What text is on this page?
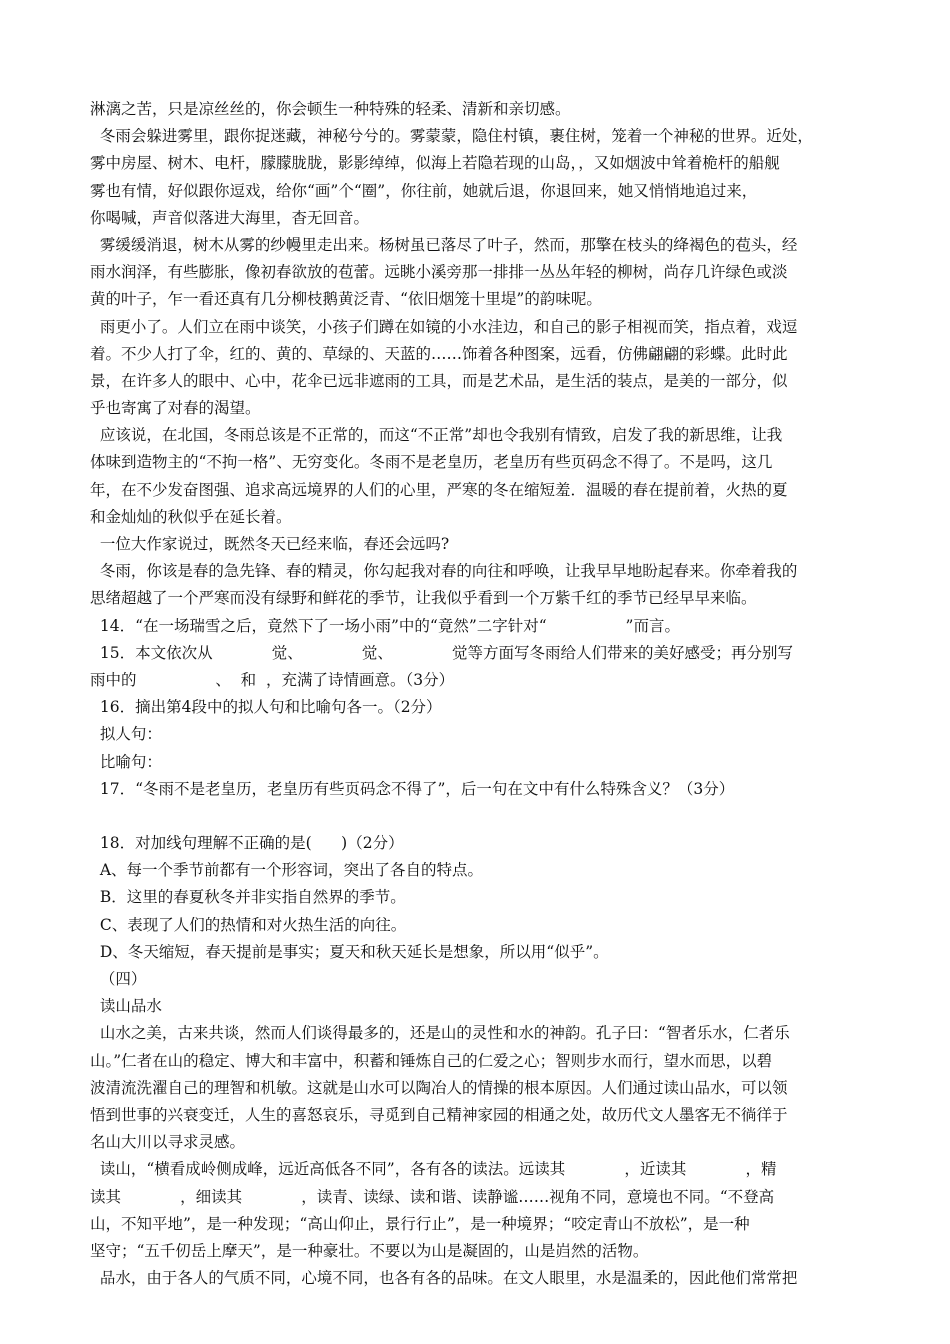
淋漓之苦，只是凉丝丝的，你会顿生一种特殊的轻柔、清新和亲切感。
冬雨会躲进雾里，跟你捉迷藏，神秘兮兮的。雾蒙蒙，隐住村镇，裹住树，笼着一个神秘的世界。近处，
雾中房屋、树木、电杆，朦朦胧胧，影影绰绰，似海上若隐若现的山岛，，又如烟波中耸着桅杆的船舰
雾也有情，好似跟你逗戏，给你“画”个“圈”，你往前，她就后退，你退回来，她又悄悄地追过来，
你喝喊，声音似落进大海里，杳无回音。
雾缓缓消退，树木从雾的纱幔里走出来。杨树虽已落尽了叶子，然而，那擎在枝头的绛褐色的苞头，经
雨水润泽，有些膨胀，像初春欲放的苞蕾。远眺小溪旁那一排排一丛丛年轻的柳树，尚存几许绿色或淡
黄的叶子，乍一看还真有几分柳枝鹅黄泛青、“依旧烟笼十里堤”的韵味呢。
雨更小了。人们立在雨中谈笑，小孩子们蹲在如镜的小水洼边，和自己的影子相视而笑，指点着，戏逗
着。不少人打了伞，红的、黄的、草绿的、天蓝的……饰着各种图案，远看，仿佛翩翩的彩蝶。此时此
景，在许多人的眼中、心中，花伞已远非遮雨的工具，而是艺术品，是生活的装点，是美的一部分，似
乎也寄寓了对春的渴望。
应该说，在北国，冬雨总该是不正常的，而这“不正常”却也令我别有情致，启发了我的新思维，让我
体味到造物主的“不拘一格”、无穷变化。冬雨不是老皇历，老皇历有些页码念不得了。不是吗，这几
年，在不少发奋图强、追求高远境界的人们的心里，严寒的冬在缩短羞．温暖的春在提前着，火热的夏
和金灿灿的秋似乎在延长着。
一位大作家说过，既然冬天已经来临，春还会远吗?
冬雨，你该是春的急先锋、春的精灵，你勾起我对春的向往和呼唤，让我早早地盼起春来。你牵着我的
思绪超越了一个严寒而没有绿野和鲜花的季节，让我似乎看到一个万紫千红的季节已经早早来临。
14．“在一场瑞雪之后，竟然下了一场小雨”中的“竟然”二字针对“                ”而言。
15．本文依次从            觉、            觉、            觉等方面写冬雨给人们带来的美好感受；再分别写
雨中的                、  和  ，充满了诗情画意。（3分）
16．摘出第4段中的拟人句和比喻句各一。（2分）
拟人句：
比喻句：
17．“冬雨不是老皇历，老皇历有些页码念不得了”，后一句在文中有什么特殊含义？（3分）
18．对加线句理解不正确的是(      )（2分）
A、每一个季节前都有一个形容词，突出了各自的特点。
B．这里的春夏秋冬并非实指自然界的季节。
C、表现了人们的热情和对火热生活的向往。
D、冬天缩短，春天提前是事实；夏天和秋天延长是想象，所以用“似乎”。
（四）
读山品水
山水之美，古来共谈，然而人们谈得最多的，还是山的灵性和水的神韵。孔子曰：“智者乐水，仁者乐
山。”仁者在山的稳定、博大和丰富中，积蓄和锤炼自己的仁爱之心；智则步水而行，望水而思，以碧
波清流洗濯自己的理智和机敏。这就是山水可以陶冶人的情操的根本原因。人们通过读山品水，可以领
悟到世事的兴衰变迁，人生的喜怒哀乐，寻觅到自己精神家园的相通之处，故历代文人墨客无不徜徉于
名山大川以寻求灵感。
读山，“横看成岭侧成峰，远近高低各不同”，各有各的读法。远读其            ，近读其            ，精
读其            ，细读其            ，读青、读绿、读和谐、读静谧……视角不同，意境也不同。“不登高
山，不知平地”，是一种发现；“高山仰止，景行行止”，是一种境界；“咬定青山不放松”，是一种
坚守；“五千仞岳上摩天”，是一种豪壮。不要以为山是凝固的，山是岿然的活物。
品水，由于各人的气质不同，心境不同，也各有各的品味。在文人眼里，水是温柔的，因此他们常常把
